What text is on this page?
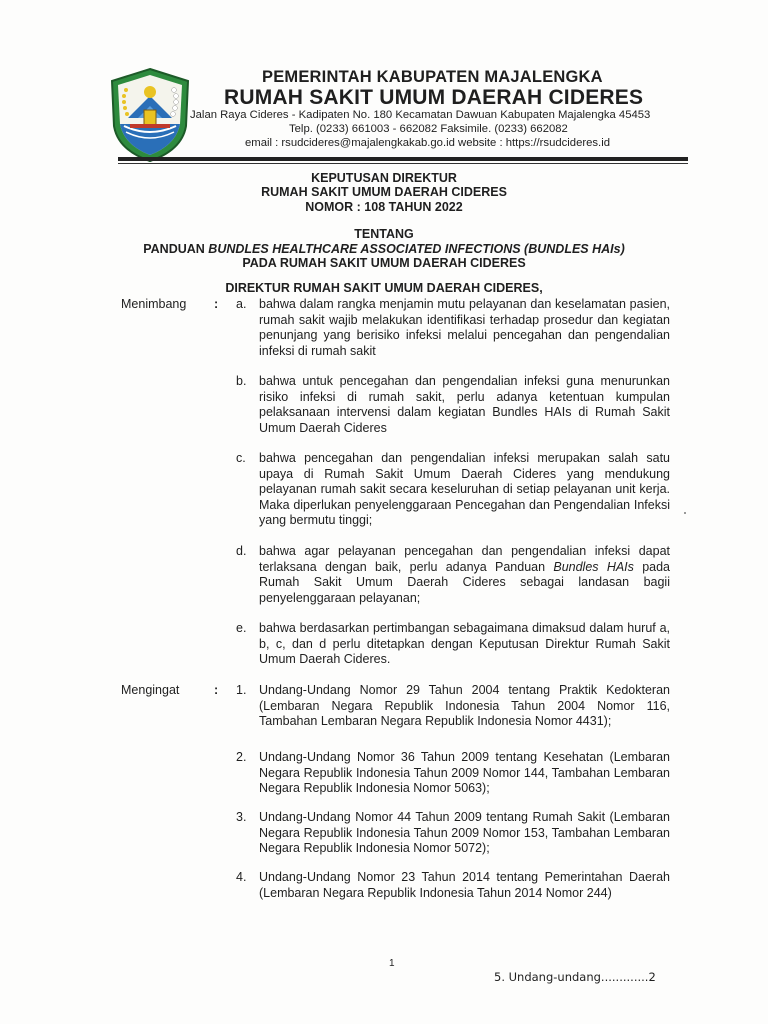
PEMERINTAH KABUPATEN MAJALENGKA
RUMAH SAKIT UMUM DAERAH CIDERES
Jalan Raya Cideres - Kadipaten No. 180 Kecamatan Dawuan Kabupaten Majalengka 45453
Telp. (0233) 661003 - 662082 Faksimile. (0233) 662082
email : rsudcideres@majalengkakab.go.id website : https://rsudcideres.id
KEPUTUSAN DIREKTUR
RUMAH SAKIT UMUM DAERAH CIDERES
NOMOR : 108 TAHUN 2022
TENTANG
PANDUAN BUNDLES HEALTHCARE ASSOCIATED INFECTIONS (BUNDLES HAIs)
PADA RUMAH SAKIT UMUM DAERAH CIDERES
DIREKTUR RUMAH SAKIT UMUM DAERAH CIDERES,
Menimbang : a. bahwa dalam rangka menjamin mutu pelayanan dan keselamatan pasien, rumah sakit wajib melakukan identifikasi terhadap prosedur dan kegiatan penunjang yang berisiko infeksi melalui pencegahan dan pengendalian infeksi di rumah sakit
b. bahwa untuk pencegahan dan pengendalian infeksi guna menurunkan risiko infeksi di rumah sakit, perlu adanya ketentuan kumpulan pelaksanaan intervensi dalam kegiatan Bundles HAIs di Rumah Sakit Umum Daerah Cideres
c. bahwa pencegahan dan pengendalian infeksi merupakan salah satu upaya di Rumah Sakit Umum Daerah Cideres yang mendukung pelayanan rumah sakit secara keseluruhan di setiap pelayanan unit kerja. Maka diperlukan penyelenggaraan Pencegahan dan Pengendalian Infeksi yang bermutu tinggi;
d. bahwa agar pelayanan pencegahan dan pengendalian infeksi dapat terlaksana dengan baik, perlu adanya Panduan Bundles HAIs pada Rumah Sakit Umum Daerah Cideres sebagai landasan bagii penyelenggaraan pelayanan;
e. bahwa berdasarkan pertimbangan sebagaimana dimaksud dalam huruf a, b, c, dan d perlu ditetapkan dengan Keputusan Direktur Rumah Sakit Umum Daerah Cideres.
Mengingat	: 1. Undang-Undang Nomor 29 Tahun 2004 tentang Praktik Kedokteran (Lembaran Negara Republik Indonesia Tahun 2004 Nomor 116, Tambahan Lembaran Negara Republik Indonesia Nomor 4431);
2. Undang-Undang Nomor 36 Tahun 2009 tentang Kesehatan (Lembaran Negara Republik Indonesia Tahun 2009 Nomor 144, Tambahan Lembaran Negara Republik Indonesia Nomor 5063);
3. Undang-Undang Nomor 44 Tahun 2009 tentang Rumah Sakit (Lembaran Negara Republik Indonesia Tahun 2009 Nomor 153, Tambahan Lembaran Negara Republik Indonesia Nomor 5072);
4. Undang-Undang Nomor 23 Tahun 2014 tentang Pemerintahan Daerah (Lembaran Negara Republik Indonesia Tahun 2014 Nomor 244)
1
5. Undang-undang.............2
